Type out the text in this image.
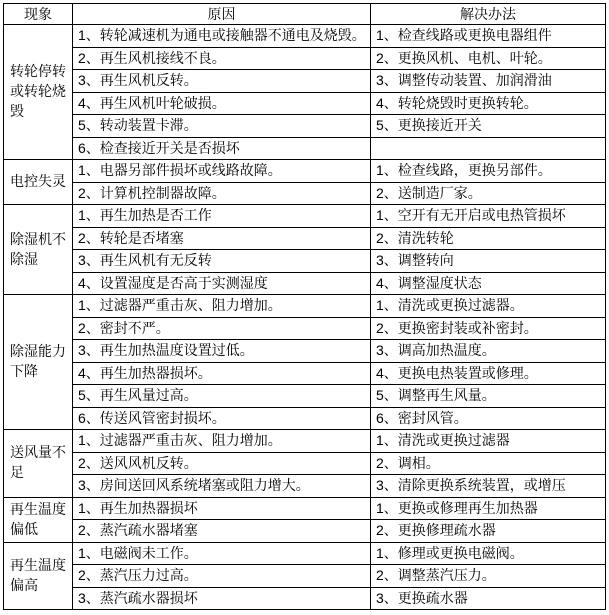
现象	原因	解决办法
转轮停转或转轮烧毁	1、转轮减速机为通电或接触器不通电及烧毁。	1、检查线路或更换电器组件
	2、再生风机接线不良。	2、更换风机、电机、叶轮。
	3、再生风机反转。	3、调整传动装置、加润滑油
	4、再生风机叶轮破损。	4、转轮烧毁时更换转轮。
	5、转动装置卡滞。	5、更换接近开关
	6、检查接近开关是否损坏	
电控失灵	1、电器另部件损坏或线路故障。	1、检查线路，更换另部件。
	2、计算机控制器故障。	2、送制造厂家。
除湿机不除湿	1、再生加热是否工作	1、空开有无开启或电热管损坏
	2、转轮是否堵塞	2、清洗转轮
	3、再生风机有无反转	3、调整转向
	4、设置湿度是否高于实测湿度	4、调整湿度状态
除湿能力下降	1、过滤器严重击灰、阻力增加。	1、清洗或更换过滤器。
	2、密封不严。	2、更换密封装或补密封。
	3、再生加热温度设置过低。	3、调高加热温度。
	4、再生加热器损坏。	4、更换电热装置或修理。
	5、再生风量过高。	5、调整再生风量。
	6、传送风管密封损坏。	6、密封风管。
送风量不足	1、过滤器严重击灰、阻力增加。	1、清洗或更换过滤器
	2、送风风机反转。	2、调相。
	3、房间送回风系统堵塞或阻力增大。	3、清除更换系统装置，或增压
再生温度偏低	1、再生加热器损坏	1、更换或修理再生加热器
	2、蒸汽疏水器堵塞	2、更换修理疏水器
再生温度偏高	1、电磁阀未工作。	1、修理或更换电磁阀。
	2、蒸汽压力过高。	2、调整蒸汽压力。
	3、蒸汽疏水器损坏	3、更换疏水器
